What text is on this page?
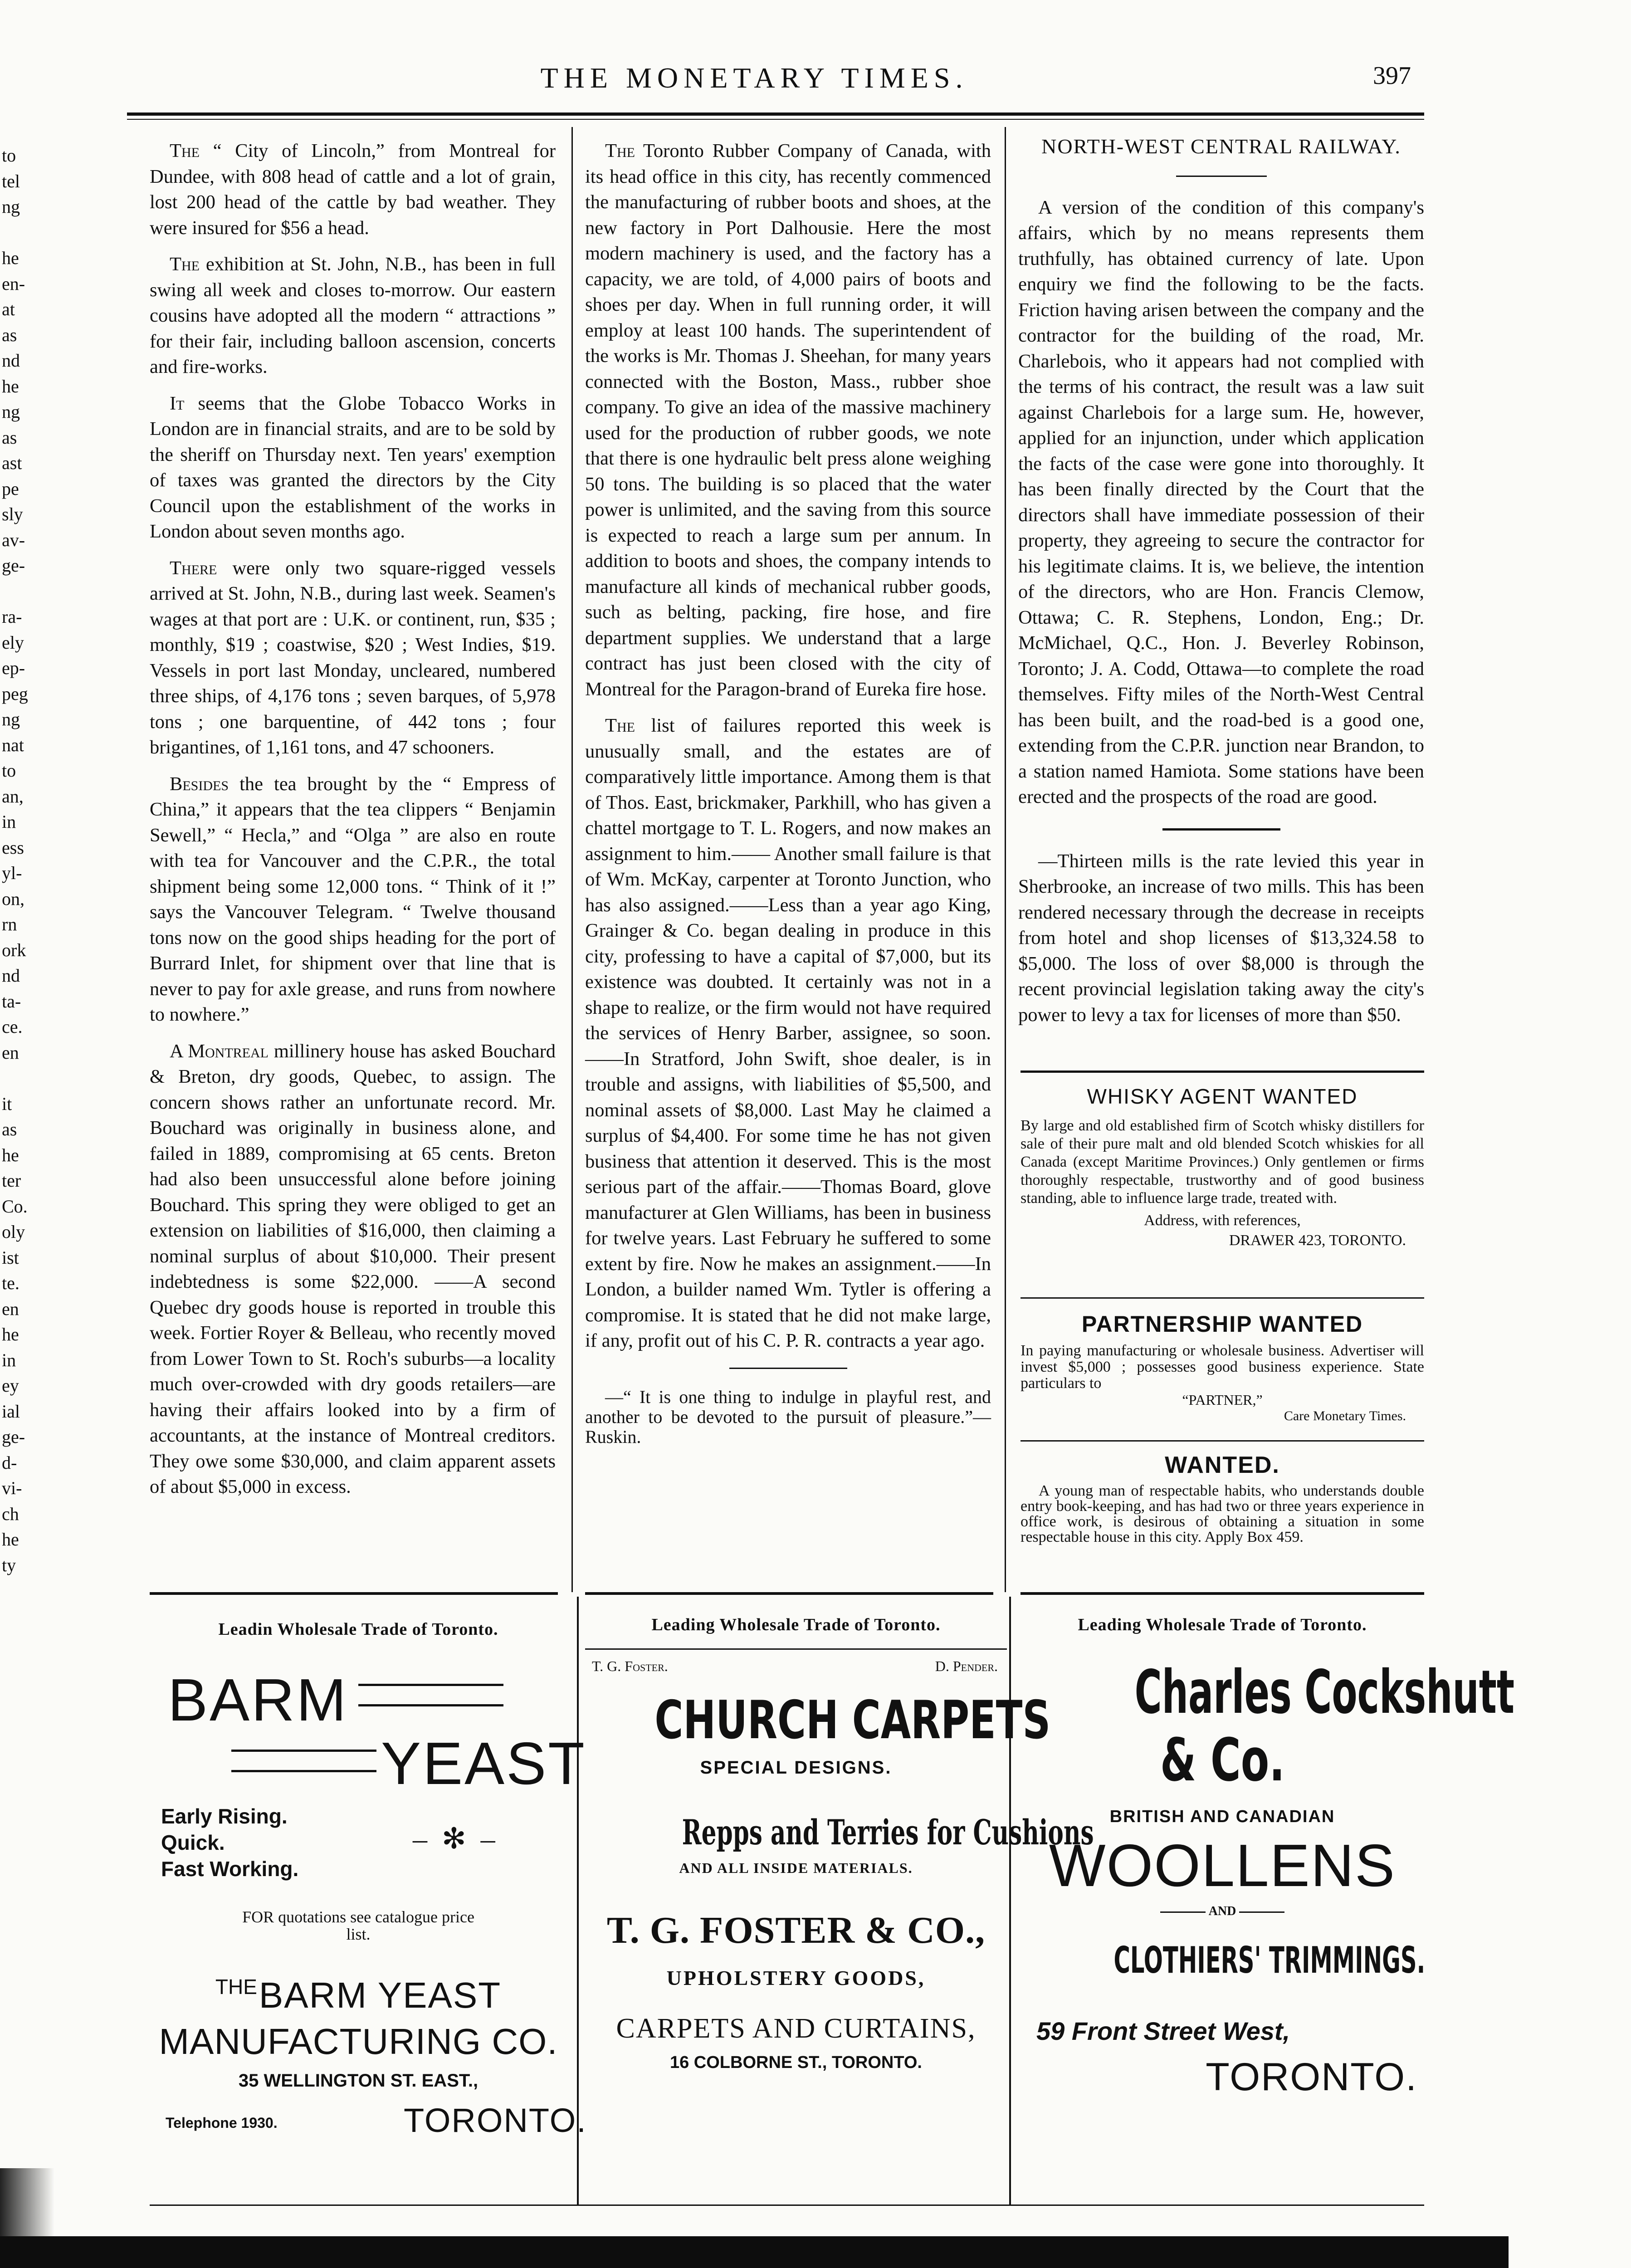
THE MONETARY TIMES.	397
to
tel
ng
he
en-
at
as
nd
he
ng
as
ast
pe
sly
av-
ge-
ra-
ely
ep-
peg
ng
nat
to
an,
in
ess
yl-
on,
rn
ork
nd
ta-
ce.
en
it
as
he
ter
Co.
oly
ist
te.
en
he
in
ey
ial
ge-
d-
vi-
ch
he
ty

The “ City of Lincoln,” from Montreal for Dundee, with 808 head of cattle and a lot of grain, lost 200 head of the cattle by bad weather. They were insured for $56 a head.

The exhibition at St. John, N.B., has been in full swing all week and closes to-morrow. Our eastern cousins have adopted all the modern “ attractions ” for their fair, including balloon ascension, concerts and fire-works.

It seems that the Globe Tobacco Works in London are in financial straits, and are to be sold by the sheriff on Thursday next. Ten years' exemption of taxes was granted the directors by the City Council upon the establishment of the works in London about seven months ago.

There were only two square-rigged vessels arrived at St. John, N.B., during last week. Seamen's wages at that port are : U.K. or continent, run, $35 ; monthly, $19 ; coastwise, $20 ; West Indies, $19. Vessels in port last Monday, uncleared, numbered three ships, of 4,176 tons ; seven barques, of 5,978 tons ; one barquentine, of 442 tons ; four brigantines, of 1,161 tons, and 47 schooners.

Besides the tea brought by the “ Empress of China,” it appears that the tea clippers “ Benjamin Sewell,” “ Hecla,” and “Olga ” are also en route with tea for Vancouver and the C.P.R., the total shipment being some 12,000 tons. “ Think of it !” says the Vancouver Telegram. “ Twelve thousand tons now on the good ships heading for the port of Burrard Inlet, for shipment over that line that is never to pay for axle grease, and runs from nowhere to nowhere.”

A Montreal millinery house has asked Bouchard & Breton, dry goods, Quebec, to assign. The concern shows rather an unfortunate record. Mr. Bouchard was originally in business alone, and failed in 1889, compromising at 65 cents. Breton had also been unsuccessful alone before joining Bouchard. This spring they were obliged to get an extension on liabilities of $16,000, then claiming a nominal surplus of about $10,000. Their present indebtedness is some $22,000. ——A second Quebec dry goods house is reported in trouble this week. Fortier Royer & Belleau, who recently moved from Lower Town to St. Roch's suburbs—a locality much over-crowded with dry goods retailers—are having their affairs looked into by a firm of accountants, at the instance of Montreal creditors. They owe some $30,000, and claim apparent assets of about $5,000 in excess.

The Toronto Rubber Company of Canada, with its head office in this city, has recently commenced the manufacturing of rubber boots and shoes, at the new factory in Port Dalhousie. Here the most modern machinery is used, and the factory has a capacity, we are told, of 4,000 pairs of boots and shoes per day. When in full running order, it will employ at least 100 hands. The superintendent of the works is Mr. Thomas J. Sheehan, for many years connected with the Boston, Mass., rubber shoe company. To give an idea of the massive machinery used for the production of rubber goods, we note that there is one hydraulic belt press alone weighing 50 tons. The building is so placed that the water power is unlimited, and the saving from this source is expected to reach a large sum per annum. In addition to boots and shoes, the company intends to manufacture all kinds of mechanical rubber goods, such as belting, packing, fire hose, and fire department supplies. We understand that a large contract has just been closed with the city of Montreal for the Paragon-brand of Eureka fire hose.

The list of failures reported this week is unusually small, and the estates are of comparatively little importance. Among them is that of Thos. East, brickmaker, Parkhill, who has given a chattel mortgage to T. L. Rogers, and now makes an assignment to him.—— Another small failure is that of Wm. McKay, carpenter at Toronto Junction, who has also assigned.——Less than a year ago King, Grainger & Co. began dealing in produce in this city, professing to have a capital of $7,000, but its existence was doubted. It certainly was not in a shape to realize, or the firm would not have required the services of Henry Barber, assignee, so soon.——In Stratford, John Swift, shoe dealer, is in trouble and assigns, with liabilities of $5,500, and nominal assets of $8,000. Last May he claimed a surplus of $4,400. For some time he has not given business that attention it deserved. This is the most serious part of the affair.——Thomas Board, glove manufacturer at Glen Williams, has been in business for twelve years. Last February he suffered to some extent by fire. Now he makes an assignment.——In London, a builder named Wm. Tytler is offering a compromise. It is stated that he did not make large, if any, profit out of his C. P. R. contracts a year ago.

—“ It is one thing to indulge in playful rest, and another to be devoted to the pursuit of pleasure.”—Ruskin.

NORTH-WEST CENTRAL RAILWAY.

A version of the condition of this company's affairs, which by no means represents them truthfully, has obtained currency of late. Upon enquiry we find the following to be the facts. Friction having arisen between the company and the contractor for the building of the road, Mr. Charlebois, who it appears had not complied with the terms of his contract, the result was a law suit against Charlebois for a large sum. He, however, applied for an injunction, under which application the facts of the case were gone into thoroughly. It has been finally directed by the Court that the directors shall have immediate possession of their property, they agreeing to secure the contractor for his legitimate claims. It is, we believe, the intention of the directors, who are Hon. Francis Clemow, Ottawa; C. R. Stephens, London, Eng.; Dr. McMichael, Q.C., Hon. J. Beverley Robinson, Toronto; J. A. Codd, Ottawa—to complete the road themselves. Fifty miles of the North-West Central has been built, and the road-bed is a good one, extending from the C.P.R. junction near Brandon, to a station named Hamiota. Some stations have been erected and the prospects of the road are good.

—Thirteen mills is the rate levied this year in Sherbrooke, an increase of two mills. This has been rendered necessary through the decrease in receipts from hotel and shop licenses of $13,324.58 to $5,000. The loss of over $8,000 is through the recent provincial legislation taking away the city's power to levy a tax for licenses of more than $50.

WHISKY AGENT WANTED
By large and old established firm of Scotch whisky distillers for sale of their pure malt and old blended Scotch whiskies for all Canada (except Maritime Provinces.) Only gentlemen or firms thoroughly respectable, trustworthy and of good business standing, able to influence large trade, treated with.
Address, with references,
DRAWER 423, TORONTO.
PARTNERSHIP WANTED
In paying manufacturing or wholesale business. Advertiser will invest $5,000 ; possesses good business experience. State particulars to
“PARTNER,”
Care Monetary Times.
WANTED.
A young man of respectable habits, who understands double entry book-keeping, and has had two or three years experience in office work, is desirous of obtaining a situation in some respectable house in this city. Apply Box 459.
Leadin Wholesale Trade of Toronto.
BARM
YEAST
Early Rising.
Quick.
Fast Working.
– ✻ –
FOR quotations see catalogue price list.
THE BARM YEAST
MANUFACTURING CO.
35 WELLINGTON ST. EAST.,
Telephone 1930.	TORONTO.
Leading Wholesale Trade of Toronto.
T. G. Foster.	D. Pender.
CHURCH CARPETS
SPECIAL DESIGNS.
Repps and Terries for Cushions
AND ALL INSIDE MATERIALS.
T. G. FOSTER & CO.,
UPHOLSTERY GOODS,
CARPETS AND CURTAINS,
16 COLBORNE ST., TORONTO.
Leading Wholesale Trade of Toronto.
Charles Cockshutt
& Co.
BRITISH AND CANADIAN
WOOLLENS
AND
CLOTHIERS' TRIMMINGS.
59 Front Street West,
TORONTO.
